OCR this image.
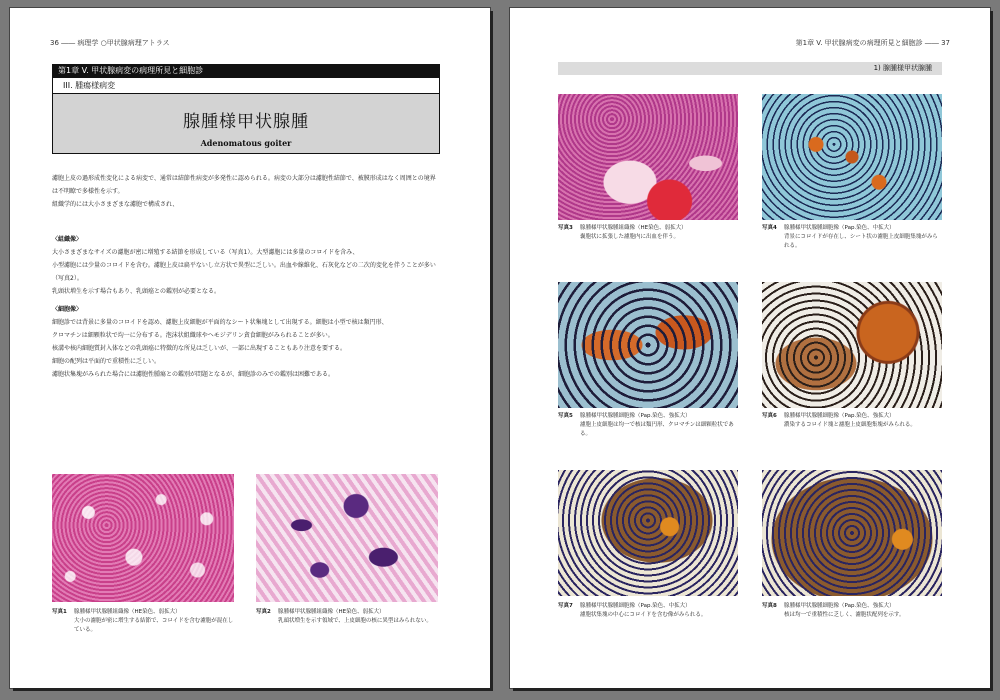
36 ―― 病理学 ○甲状腺病理アトラス
第1章 V. 甲状腺病変の病理所見と細胞診
III. 腫瘍様病変
腺腫様甲状腺腫
Adenomatous goiter
濾胞上皮の過形成性変化による病変で、通常は結節性病変が多発性に認められる。病変の大部分は濾胞性結節で、被膜形成はなく周囲との境界は不明瞭で多様性を示す。
組織学的には大小さまざまな濾胞で構成され、
〈組織像〉
大小さまざまなサイズの濾胞が密に増殖する結節を形成している（写真1）。大型濾胞には多量のコロイドを含み、
小型濾胞には少量のコロイドを含む。濾胞上皮は扁平ないし立方状で異型に乏しい。出血や線維化、石灰化などの二次的変化を伴うことが多い（写真2）。
乳頭状増生を示す場合もあり、乳頭癌との鑑別が必要となる。
〈細胞像〉
細胞診では背景に多量のコロイドを認め、濾胞上皮細胞が平面的なシート状集塊として出現する。細胞は小型で核は類円形、
クロマチンは細顆粒状で均一に分布する。泡沫状組織球やヘモジデリン貪食細胞がみられることが多い。
核溝や核内細胞質封入体などの乳頭癌に特徴的な所見は乏しいが、一部に出現することもあり注意を要する。
細胞の配列は平面的で重積性に乏しい。
濾胞状集塊がみられた場合には濾胞性腫瘍との鑑別が問題となるが、細胞診のみでの鑑別は困難である。
写真1 腺腫様甲状腺腫組織像（HE染色、弱拡大）
大小の濾胞が密に増生する結節で、コロイドを含む濾胞が混在している。
写真2 腺腫様甲状腺腫組織像（HE染色、弱拡大）
乳頭状増生を示す領域で、上皮細胞の核に異型はみられない。
第1章 V. 甲状腺病変の病理所見と細胞診 ―― 37
1) 腺腫様甲状腺腫
写真3 腺腫様甲状腺腫組織像（HE染色、弱拡大）
嚢胞状に拡張した濾胞内に出血を伴う。
写真4 腺腫様甲状腺腫細胞像（Pap.染色、中拡大）
背景にコロイドが存在し、シート状の濾胞上皮細胞集塊がみられる。
写真5 腺腫様甲状腺腫細胞像（Pap.染色、強拡大）
濾胞上皮細胞は均一で核は類円形、クロマチンは細顆粒状である。
写真6 腺腫様甲状腺腫細胞像（Pap.染色、強拡大）
濃染するコロイド塊と濾胞上皮細胞集塊がみられる。
写真7 腺腫様甲状腺腫細胞像（Pap.染色、中拡大）
濾胞状集塊の中心にコロイドを含む像がみられる。
写真8 腺腫様甲状腺腫細胞像（Pap.染色、強拡大）
核は均一で重積性に乏しく、濾胞状配列を示す。
